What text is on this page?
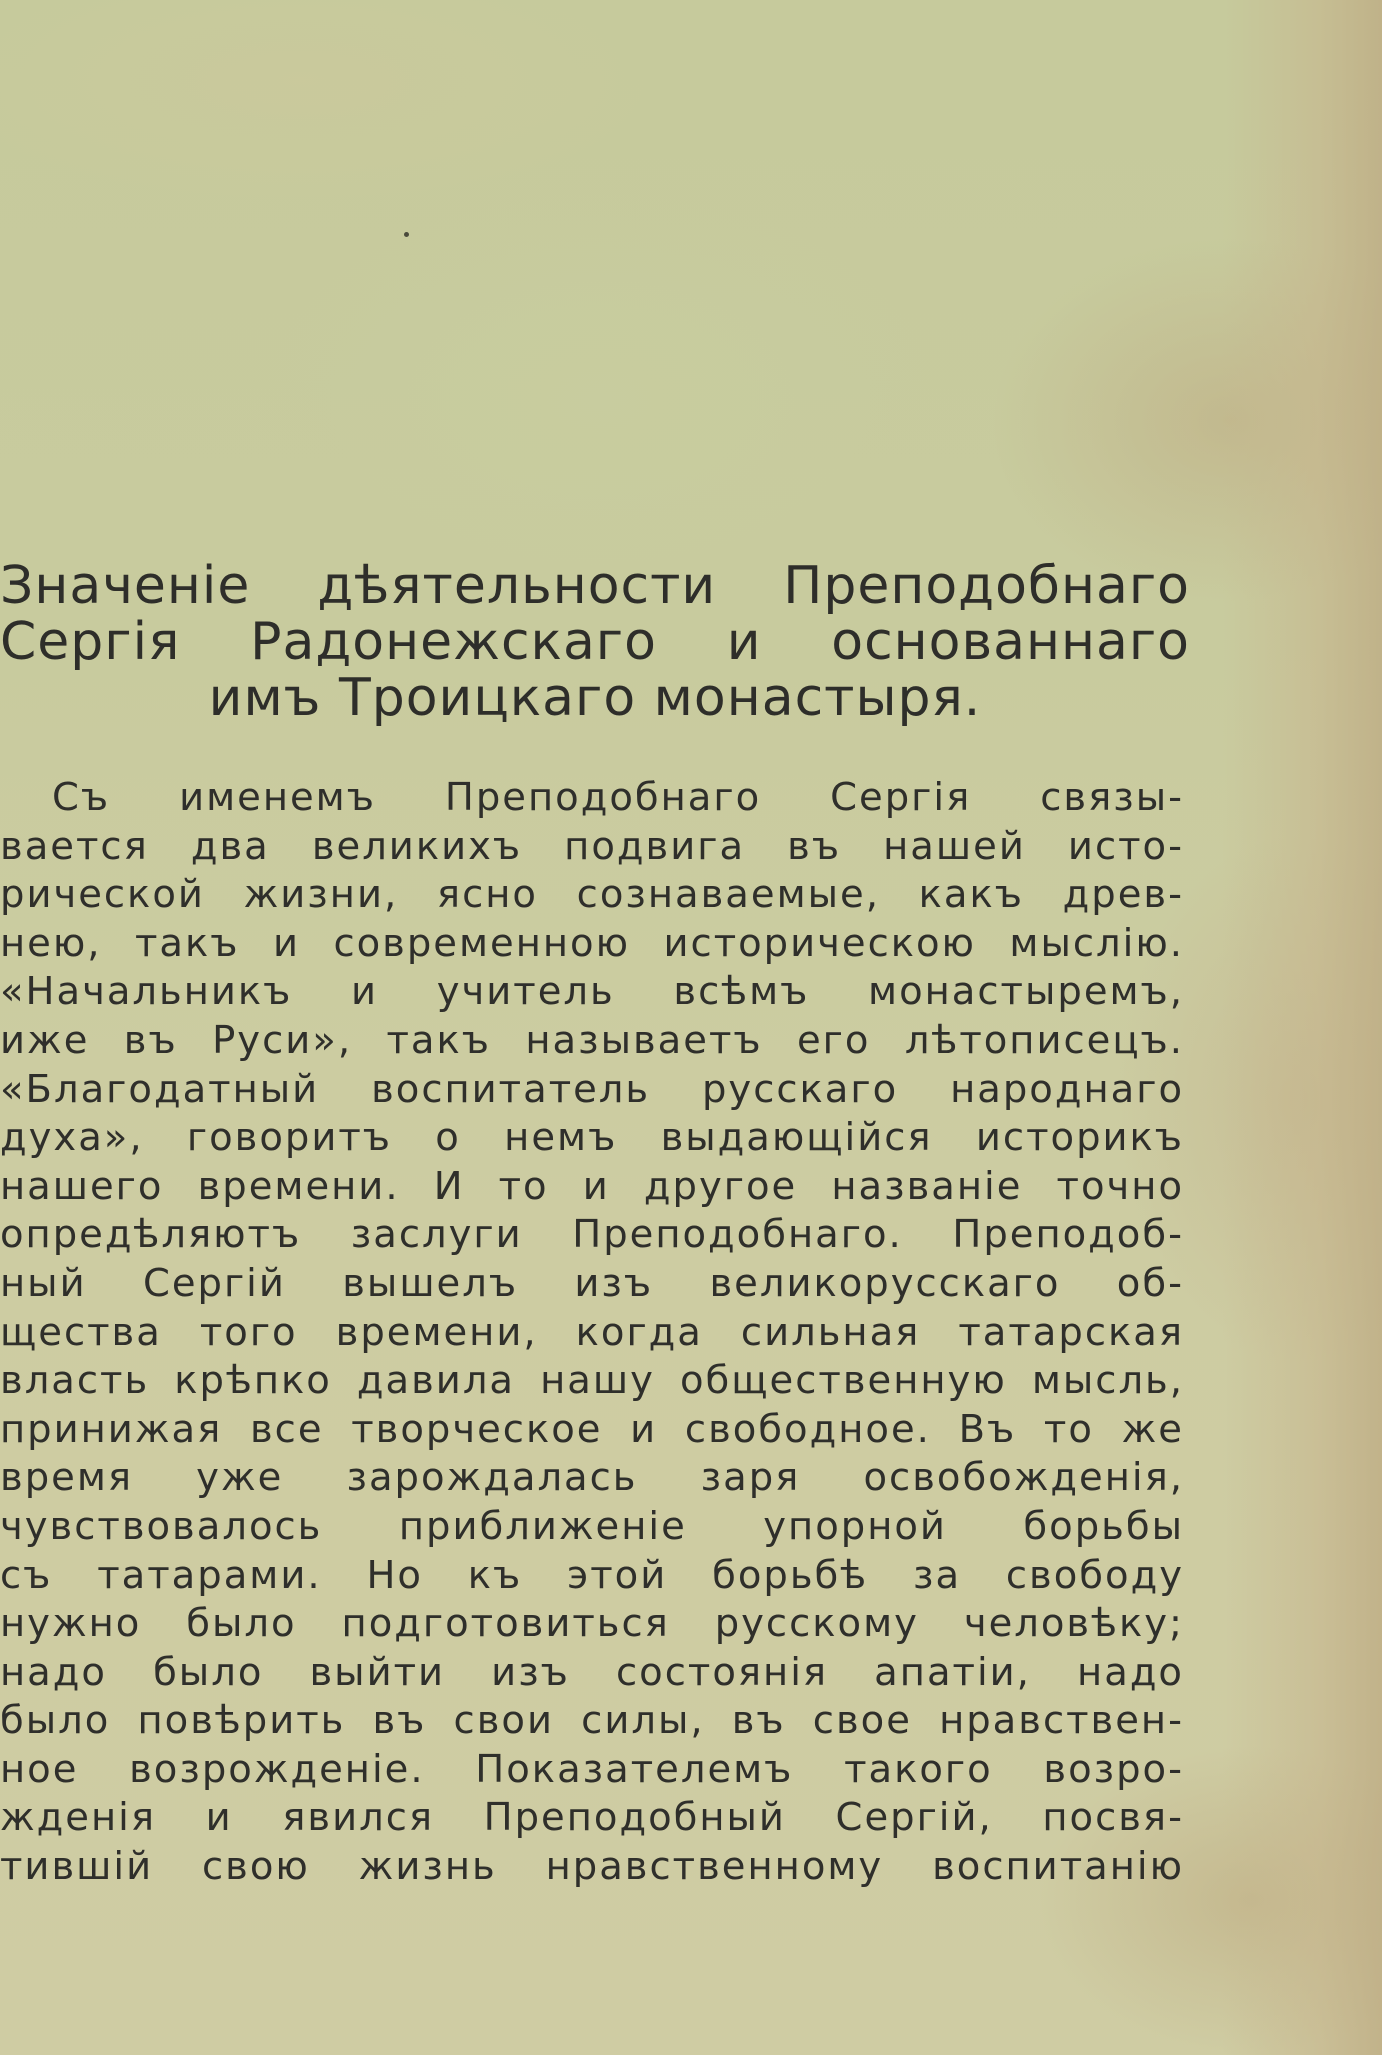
Значенiе дѣятельности Преподобнаго
Сергiя Радонежскаго и основаннаго
имъ Троицкаго монастыря.
Съ именемъ Преподобнаго Сергiя связы-
вается два великихъ подвига въ нашей исто-
рической жизни, ясно сознаваемые, какъ древ-
нею, такъ и современною историческою мыслiю.
«Начальникъ и учитель всѣмъ монастыремъ,
иже въ Руси», такъ называетъ его лѣтописецъ.
«Благодатный воспитатель русскаго народнаго
духа», говоритъ о немъ выдающiйся историкъ
нашего времени. И то и другое названiе точно
опредѣляютъ заслуги Преподобнаго. Преподоб-
ный Сергiй вышелъ изъ великорусскаго об-
щества того времени, когда сильная татарская
власть крѣпко давила нашу общественную мысль,
принижая все творческое и свободное. Въ то же
время уже зарождалась заря освобожденiя,
чувствовалось приближенiе упорной борьбы
съ татарами. Но къ этой борьбѣ за свободу
нужно было подготовиться русскому человѣку;
надо было выйти изъ состоянiя апатiи, надо
было повѣрить въ свои силы, въ свое нравствен-
ное возрожденiе. Показателемъ такого возро-
жденiя и явился Преподобный Сергiй, посвя-
тившiй свою жизнь нравственному воспитанiю
